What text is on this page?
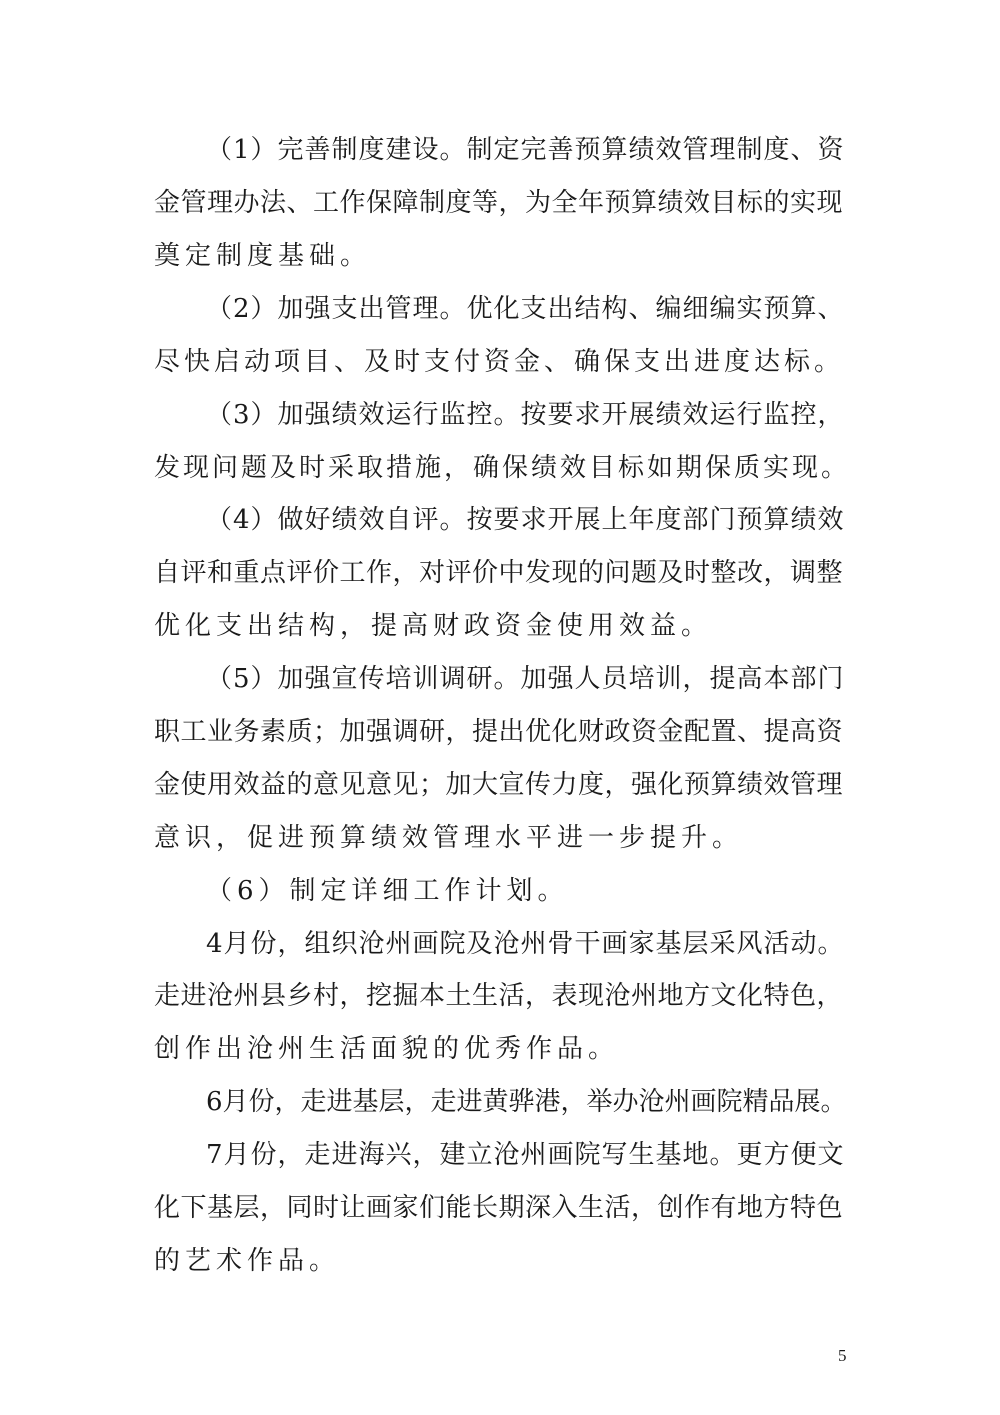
（1）完善制度建设。制定完善预算绩效管理制度、资
金管理办法、工作保障制度等，为全年预算绩效目标的实现
奠定制度基础。
（2）加强支出管理。优化支出结构、编细编实预算、
尽快启动项目、及时支付资金、确保支出进度达标。
（3）加强绩效运行监控。按要求开展绩效运行监控，
发现问题及时采取措施，确保绩效目标如期保质实现。
（4）做好绩效自评。按要求开展上年度部门预算绩效
自评和重点评价工作，对评价中发现的问题及时整改，调整
优化支出结构，提高财政资金使用效益。
（5）加强宣传培训调研。加强人员培训，提高本部门
职工业务素质；加强调研，提出优化财政资金配置、提高资
金使用效益的意见意见；加大宣传力度，强化预算绩效管理
意识，促进预算绩效管理水平进一步提升。
（6）制定详细工作计划。
4月份，组织沧州画院及沧州骨干画家基层采风活动。
走进沧州县乡村，挖掘本土生活，表现沧州地方文化特色，
创作出沧州生活面貌的优秀作品。
6月份，走进基层，走进黄骅港，举办沧州画院精品展。
7月份，走进海兴，建立沧州画院写生基地。更方便文
化下基层，同时让画家们能长期深入生活，创作有地方特色
的艺术作品。
5
